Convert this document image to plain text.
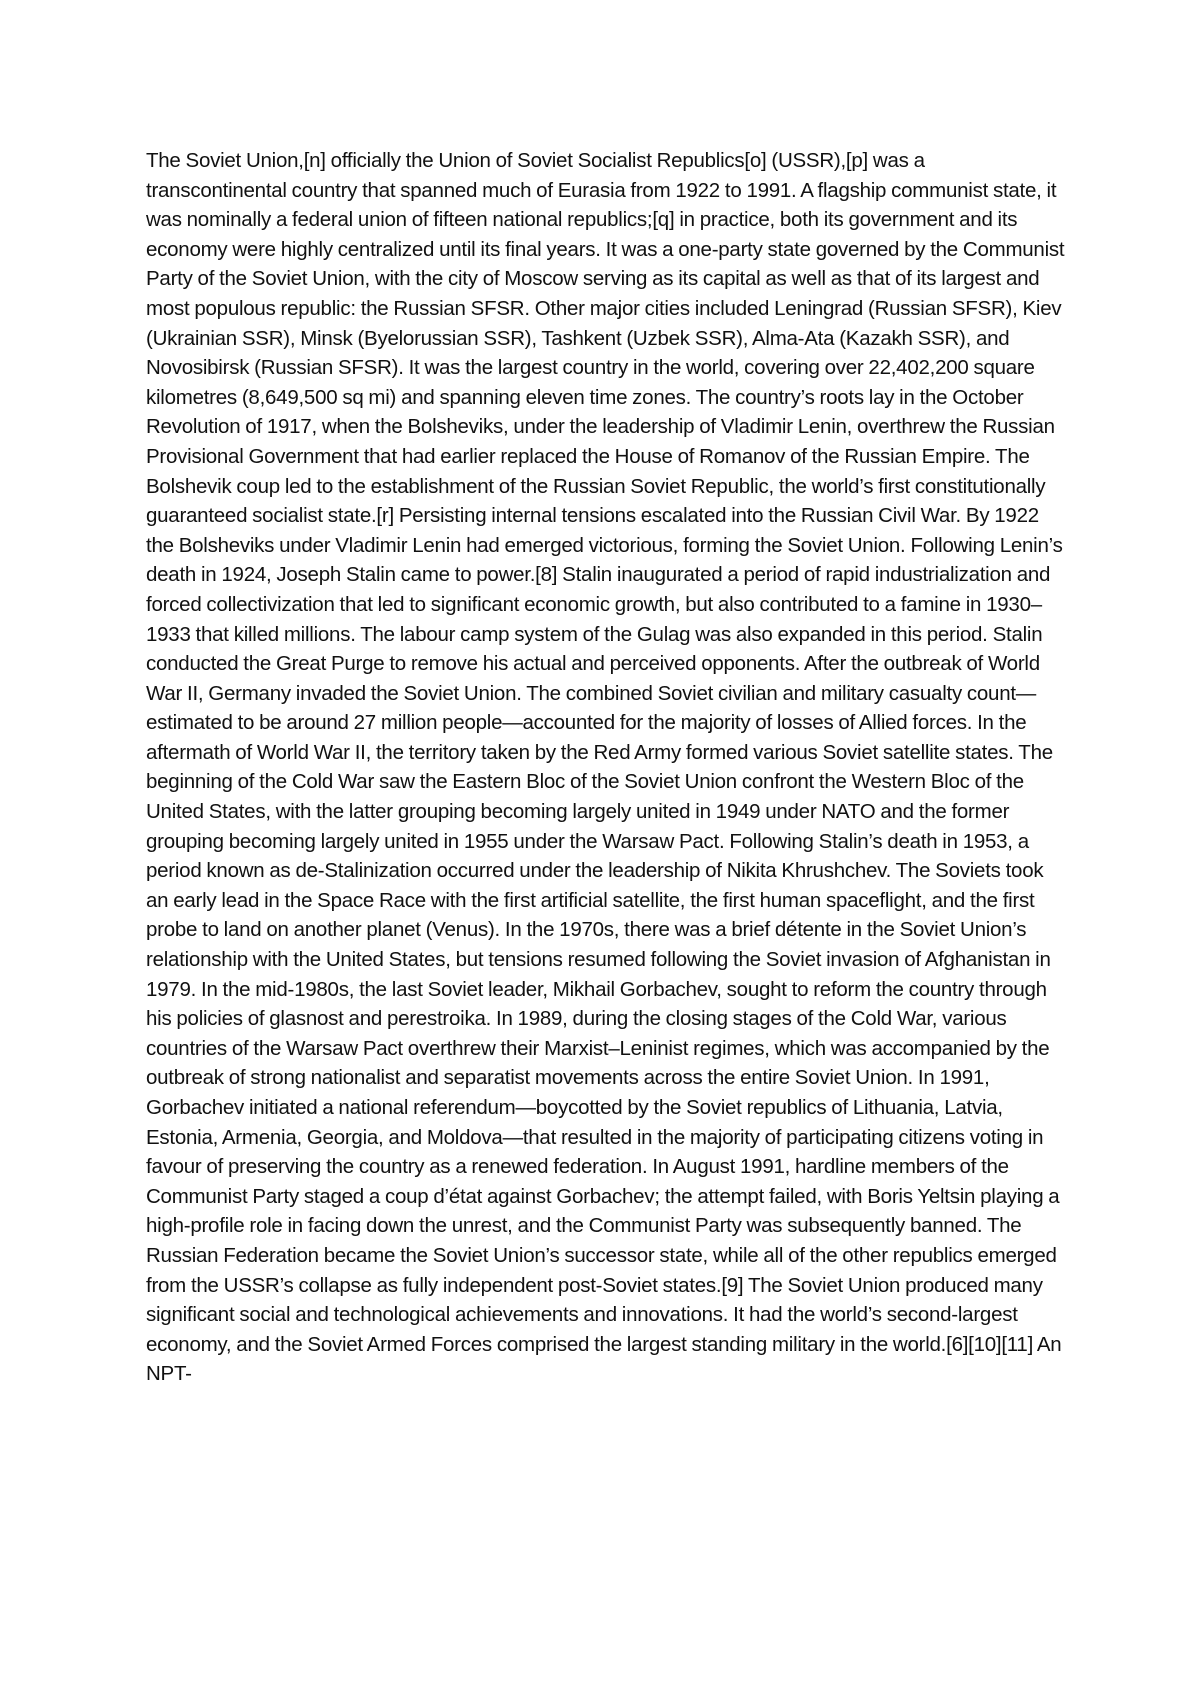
The Soviet Union,[n] officially the Union of Soviet Socialist Republics[o] (USSR),[p] was a transcontinental country that spanned much of Eurasia from 1922 to 1991. A flagship communist state, it was nominally a federal union of fifteen national republics;[q] in practice, both its government and its economy were highly centralized until its final years. It was a one-party state governed by the Communist Party of the Soviet Union, with the city of Moscow serving as its capital as well as that of its largest and most populous republic: the Russian SFSR. Other major cities included Leningrad (Russian SFSR), Kiev (Ukrainian SSR), Minsk (Byelorussian SSR), Tashkent (Uzbek SSR), Alma-Ata (Kazakh SSR), and Novosibirsk (Russian SFSR). It was the largest country in the world, covering over 22,402,200 square kilometres (8,649,500 sq mi) and spanning eleven time zones. The country’s roots lay in the October Revolution of 1917, when the Bolsheviks, under the leadership of Vladimir Lenin, overthrew the Russian Provisional Government that had earlier replaced the House of Romanov of the Russian Empire. The Bolshevik coup led to the establishment of the Russian Soviet Republic, the world’s first constitutionally guaranteed socialist state.[r] Persisting internal tensions escalated into the Russian Civil War. By 1922 the Bolsheviks under Vladimir Lenin had emerged victorious, forming the Soviet Union. Following Lenin’s death in 1924, Joseph Stalin came to power.[8] Stalin inaugurated a period of rapid industrialization and forced collectivization that led to significant economic growth, but also contributed to a famine in 1930–1933 that killed millions. The labour camp system of the Gulag was also expanded in this period. Stalin conducted the Great Purge to remove his actual and perceived opponents. After the outbreak of World War II, Germany invaded the Soviet Union. The combined Soviet civilian and military casualty count—estimated to be around 27 million people—accounted for the majority of losses of Allied forces. In the aftermath of World War II, the territory taken by the Red Army formed various Soviet satellite states. The beginning of the Cold War saw the Eastern Bloc of the Soviet Union confront the Western Bloc of the United States, with the latter grouping becoming largely united in 1949 under NATO and the former grouping becoming largely united in 1955 under the Warsaw Pact. Following Stalin’s death in 1953, a period known as de-Stalinization occurred under the leadership of Nikita Khrushchev. The Soviets took an early lead in the Space Race with the first artificial satellite, the first human spaceflight, and the first probe to land on another planet (Venus). In the 1970s, there was a brief détente in the Soviet Union’s relationship with the United States, but tensions resumed following the Soviet invasion of Afghanistan in 1979. In the mid-1980s, the last Soviet leader, Mikhail Gorbachev, sought to reform the country through his policies of glasnost and perestroika. In 1989, during the closing stages of the Cold War, various countries of the Warsaw Pact overthrew their Marxist–Leninist regimes, which was accompanied by the outbreak of strong nationalist and separatist movements across the entire Soviet Union. In 1991, Gorbachev initiated a national referendum—boycotted by the Soviet republics of Lithuania, Latvia, Estonia, Armenia, Georgia, and Moldova—that resulted in the majority of participating citizens voting in favour of preserving the country as a renewed federation. In August 1991, hardline members of the Communist Party staged a coup d’état against Gorbachev; the attempt failed, with Boris Yeltsin playing a high-profile role in facing down the unrest, and the Communist Party was subsequently banned. The Russian Federation became the Soviet Union’s successor state, while all of the other republics emerged from the USSR’s collapse as fully independent post-Soviet states.[9] The Soviet Union produced many significant social and technological achievements and innovations. It had the world’s second-largest economy, and the Soviet Armed Forces comprised the largest standing military in the world.[6][10][11] An NPT-
